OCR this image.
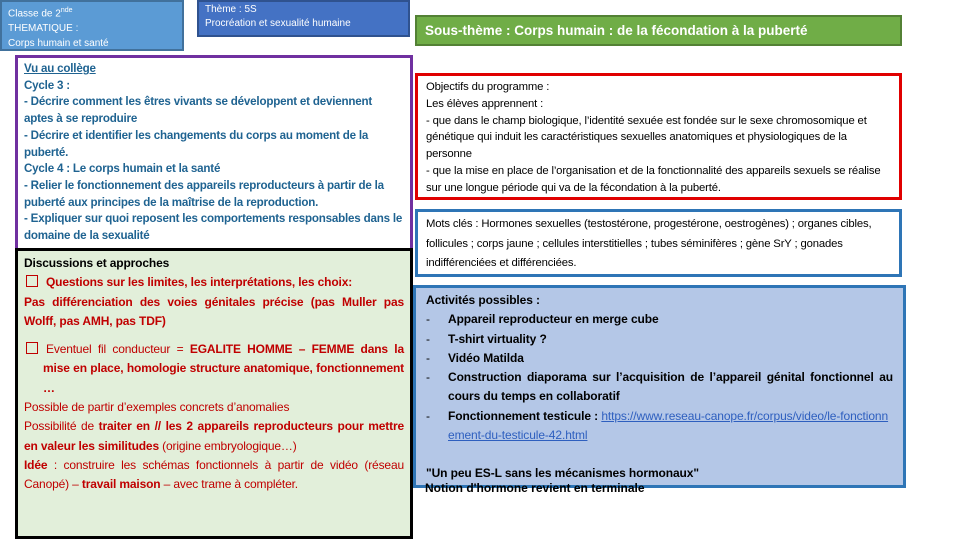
Classe de 2nde
THEMATIQUE :
Corps humain et santé
Thème : 5S
Procréation et sexualité humaine	Sous-thème : Corps humain : de la fécondation à la puberté
Vu au collège
Cycle 3 :
- Décrire comment les êtres vivants se développent et deviennent aptes à se reproduire
- Décrire et identifier les changements du corps au moment de la puberté.
Cycle 4 : Le corps humain et la santé
- Relier le fonctionnement des appareils reproducteurs à partir de la puberté aux principes de la maîtrise de la reproduction.
- Expliquer sur quoi reposent les comportements responsables dans le domaine de la sexualité

Discussions et approches

Questions sur les limites, les interprétations, les choix:

Pas différenciation des voies génitales précise (pas Muller pas Wolff, pas AMH, pas TDF)

Eventuel fil conducteur = EGALITE HOMME – FEMME dans la mise en place, homologie structure anatomique, fonctionnement …

Possible de partir d’exemples concrets d’anomalies

Possibilité de traiter en // les 2 appareils reproducteurs pour mettre en valeur les similitudes (origine embryologique…)

Idée : construire les schémas fonctionnels à partir de vidéo (réseau Canopé) – travail maison – avec trame à compléter.

Objectifs du programme :
Les élèves apprennent :
- que dans le champ biologique, l’identité sexuée est fondée sur le sexe chromosomique et génétique qui induit les caractéristiques sexuelles anatomiques et physiologiques de la personne
- que la mise en place de l’organisation et de la fonctionnalité des appareils sexuels se réalise sur une longue période qui va de la fécondation à la puberté.
Mots clés : Hormones sexuelles (testostérone, progestérone, oestrogènes) ; organes cibles, follicules ; corps jaune ; cellules interstitielles ; tubes séminifères ; gène SrY ; gonades indifférenciées et différenciées.
Activités possibles :
-	Appareil reproducteur en merge cube
-	T-shirt virtuality ?
-	Vidéo Matilda
-	Construction diaporama sur l’acquisition de l’appareil génital fonctionnel au cours du temps en collaboratif
-	Fonctionnement testicule : https://www.reseau-canope.fr/corpus/video/le-fonctionnement-du-testicule-42.html
"Un peu ES-L sans les mécanismes hormonaux"
Notion d'hormone revient en terminale
